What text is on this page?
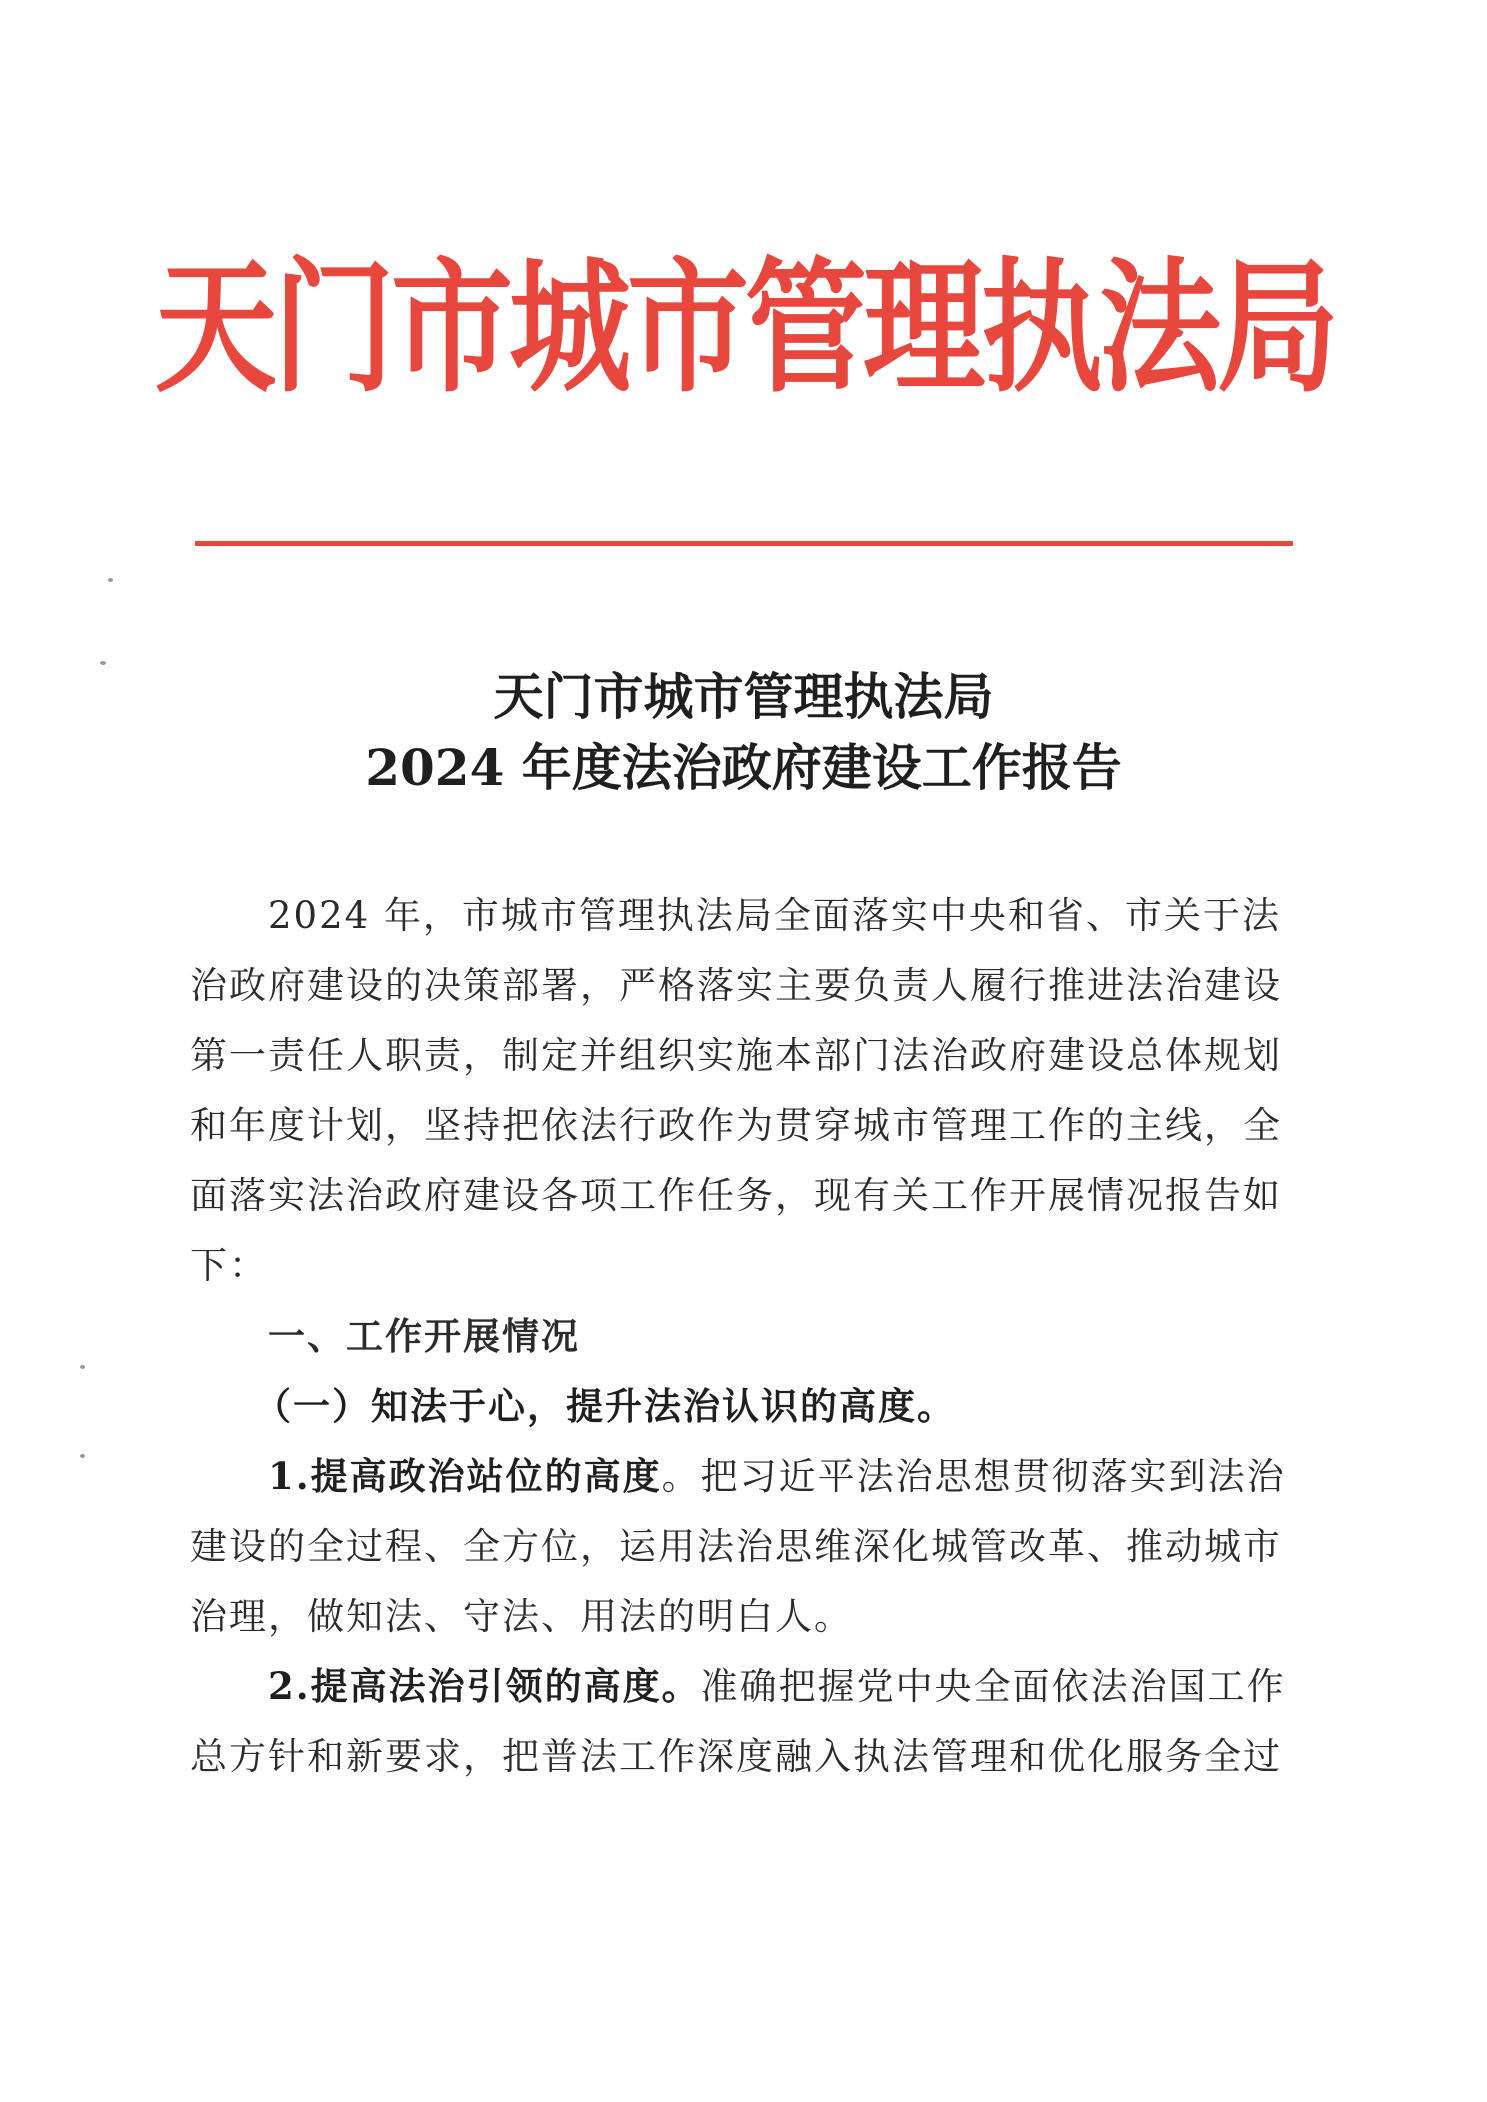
天门市城市管理执法局
天门市城市管理执法局
2024 年度法治政府建设工作报告
2024 年，市城市管理执法局全面落实中央和省、市关于法
治政府建设的决策部署，严格落实主要负责人履行推进法治建设
第一责任人职责，制定并组织实施本部门法治政府建设总体规划
和年度计划，坚持把依法行政作为贯穿城市管理工作的主线，全
面落实法治政府建设各项工作任务，现有关工作开展情况报告如
下：
一、工作开展情况
（一）知法于心，提升法治认识的高度。
1.提高政治站位的高度。把习近平法治思想贯彻落实到法治
建设的全过程、全方位，运用法治思维深化城管改革、推动城市
治理，做知法、守法、用法的明白人。
2.提高法治引领的高度。准确把握党中央全面依法治国工作
总方针和新要求，把普法工作深度融入执法管理和优化服务全过
